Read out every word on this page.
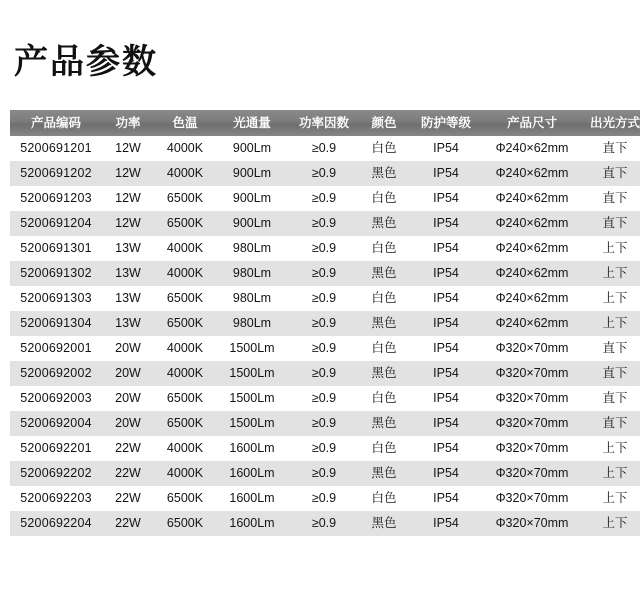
产品参数
产品编码	功率	色温	光通量	功率因数	颜色	防护等级	产品尺寸	出光方式
5200691201	12W	4000K	900Lm	≥0.9	白色	IP54	Φ240×62mm	直下
5200691202	12W	4000K	900Lm	≥0.9	黑色	IP54	Φ240×62mm	直下
5200691203	12W	6500K	900Lm	≥0.9	白色	IP54	Φ240×62mm	直下
5200691204	12W	6500K	900Lm	≥0.9	黑色	IP54	Φ240×62mm	直下
5200691301	13W	4000K	980Lm	≥0.9	白色	IP54	Φ240×62mm	上下
5200691302	13W	4000K	980Lm	≥0.9	黑色	IP54	Φ240×62mm	上下
5200691303	13W	6500K	980Lm	≥0.9	白色	IP54	Φ240×62mm	上下
5200691304	13W	6500K	980Lm	≥0.9	黑色	IP54	Φ240×62mm	上下
5200692001	20W	4000K	1500Lm	≥0.9	白色	IP54	Φ320×70mm	直下
5200692002	20W	4000K	1500Lm	≥0.9	黑色	IP54	Φ320×70mm	直下
5200692003	20W	6500K	1500Lm	≥0.9	白色	IP54	Φ320×70mm	直下
5200692004	20W	6500K	1500Lm	≥0.9	黑色	IP54	Φ320×70mm	直下
5200692201	22W	4000K	1600Lm	≥0.9	白色	IP54	Φ320×70mm	上下
5200692202	22W	4000K	1600Lm	≥0.9	黑色	IP54	Φ320×70mm	上下
5200692203	22W	6500K	1600Lm	≥0.9	白色	IP54	Φ320×70mm	上下
5200692204	22W	6500K	1600Lm	≥0.9	黑色	IP54	Φ320×70mm	上下
